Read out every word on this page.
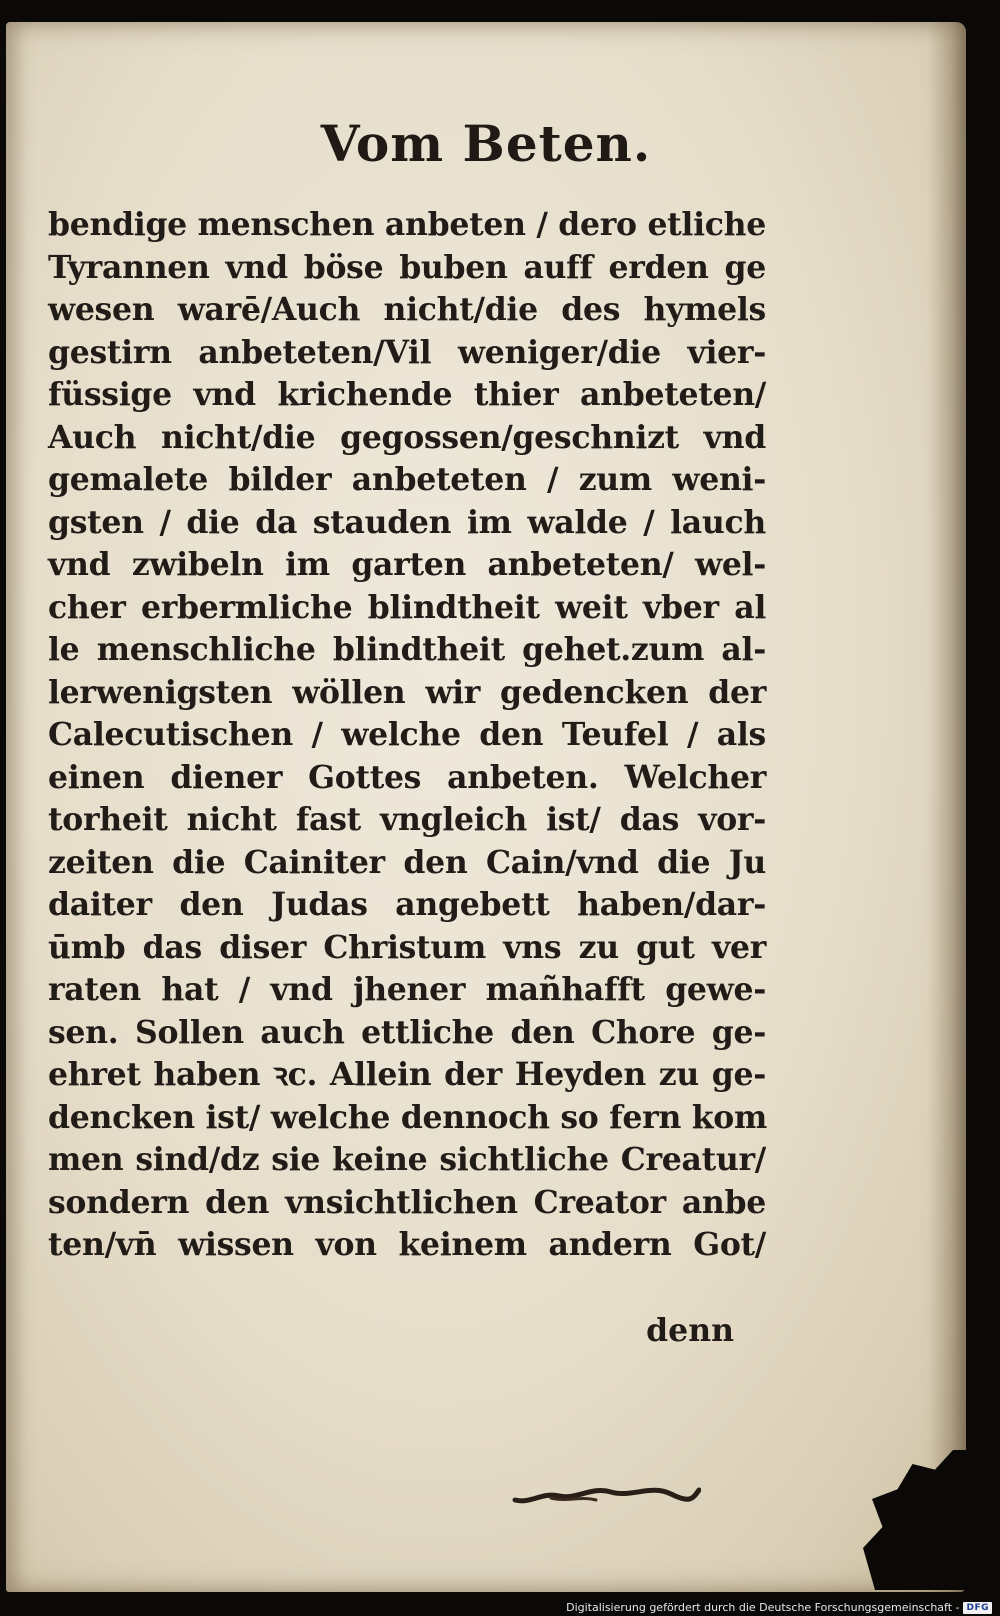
Vom Beten.
bendige menschen anbeten / dero etliche
Tyrannen vnd böse buben auff erden ge
wesen warē/Auch nicht/die des hymels
gestirn anbeteten/Vil weniger/die vier-
füssige vnd krichende thier anbeteten/
Auch nicht/die gegossen/geschnizt vnd
gemalete bilder anbeteten / zum weni-
gsten / die da stauden im walde / lauch
vnd zwibeln im garten anbeteten/ wel-
cher erbermliche blindtheit weit vber al
le menschliche blindtheit gehet.zum al-
lerwenigsten wöllen wir gedencken der
Calecutischen / welche den Teufel / als
einen diener Gottes anbeten. Welcher
torheit nicht fast vngleich ist/ das vor-
zeiten die Cainiter den Cain/vnd die Ju
daiter den Judas angebett haben/dar-
ūmb das diser Christum vns zu gut ver
raten hat / vnd jhener mañhafft gewe-
sen. Sollen auch ettliche den Chore ge-
ehret haben ꝛc. Allein der Heyden zu ge-
dencken ist/ welche dennoch so fern kom
men sind/dz sie keine sichtliche Creatur/
sondern den vnsichtlichen Creator anbe
ten/vn̄ wissen von keinem andern Got/
denn
Digitalisierung gefördert durch die Deutsche Forschungsgemeinschaft - DFG
